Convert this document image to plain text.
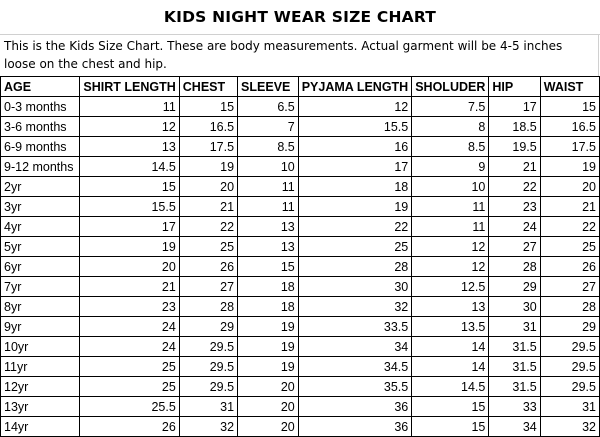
KIDS NIGHT WEAR SIZE CHART
This is the Kids Size Chart. These are body measurements. Actual garment will be 4-5 inches loose on the chest and hip.
AGE	SHIRT LENGTH	CHEST	SLEEVE	PYJAMA LENGTH	SHOLUDER	HIP	WAIST
0-3 months	11	15	6.5	12	7.5	17	15
3-6 months	12	16.5	7	15.5	8	18.5	16.5
6-9 months	13	17.5	8.5	16	8.5	19.5	17.5
9-12 months	14.5	19	10	17	9	21	19
2yr	15	20	11	18	10	22	20
3yr	15.5	21	11	19	11	23	21
4yr	17	22	13	22	11	24	22
5yr	19	25	13	25	12	27	25
6yr	20	26	15	28	12	28	26
7yr	21	27	18	30	12.5	29	27
8yr	23	28	18	32	13	30	28
9yr	24	29	19	33.5	13.5	31	29
10yr	24	29.5	19	34	14	31.5	29.5
11yr	25	29.5	19	34.5	14	31.5	29.5
12yr	25	29.5	20	35.5	14.5	31.5	29.5
13yr	25.5	31	20	36	15	33	31
14yr	26	32	20	36	15	34	32
